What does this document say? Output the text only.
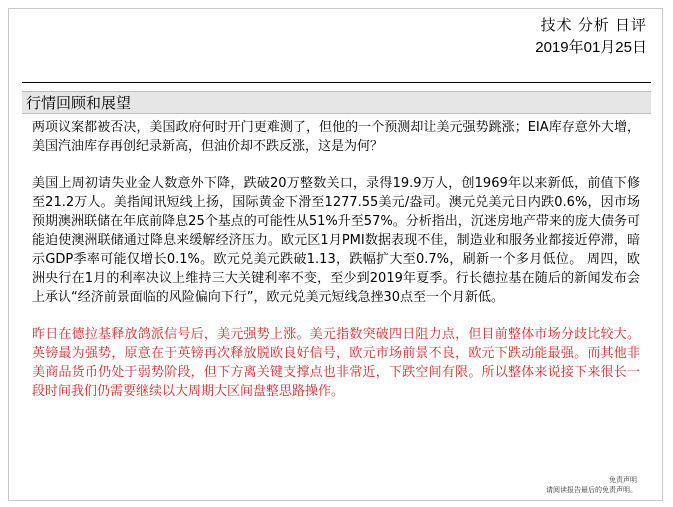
技术 分析 日评
2019年01月25日
行情回顾和展望

两项议案都被否决，美国政府何时开门更难测了，但他的一个预测却让美元强势跳涨；EIA库存意外大增，美国汽油库存再创纪录新高，但油价却不跌反涨，这是为何？

美国上周初请失业金人数意外下降，跌破20万整数关口，录得19.9万人，创1969年以来新低，前值下修至21.2万人。美指闻讯短线上扬，国际黄金下滑至1277.55美元/盎司。澳元兑美元日内跌0.6%，因市场预期澳洲联储在年底前降息25个基点的可能性从51%升至57%。分析指出，沉迷房地产带来的庞大债务可能迫使澳洲联储通过降息来缓解经济压力。欧元区1月PMI数据表现不佳，制造业和服务业都接近停滞，暗示GDP季率可能仅增长0.1%。欧元兑美元跌破1.13，跌幅扩大至0.7%，刷新一个多月低位。 周四，欧洲央行在1月的利率决议上维持三大关键利率不变，至少到2019年夏季。行长德拉基在随后的新闻发布会上承认“经济前景面临的风险偏向下行”，欧元兑美元短线急挫30点至一个月新低。

昨日在德拉基释放鸽派信号后，美元强势上涨。美元指数突破四日阻力点，但目前整体市场分歧比较大。英镑最为强势，原意在于英镑再次释放脱欧良好信号，欧元市场前景不良，欧元下跌动能最强。而其他非美商品货币仍处于弱势阶段，但下方离关键支撑点也非常近，下跌空间有限。所以整体来说接下来很长一段时间我们仍需要继续以大周期大区间盘整思路操作。

免责声明
请阅读报告最后的免责声明。
